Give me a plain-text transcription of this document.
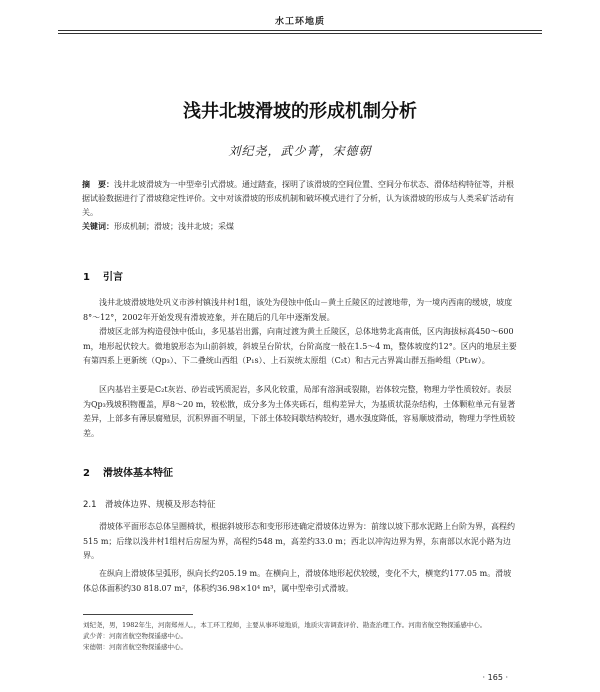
水工环地质
浅井北坡滑坡的形成机制分析
刘纪尧，武少菁，宋德朝
摘　要：浅井北坡滑坡为一中型牵引式滑坡。通过踏查，探明了该滑坡的空间位置、空间分布状态、滑体结构特征等，并根据试验数据进行了滑坡稳定性评价。文中对该滑坡的形成机制和破坏模式进行了分析，认为该滑坡的形成与人类采矿活动有关。
关键词：形成机制；滑坡；浅井北坡；采煤
1 引言
浅井北坡滑坡地处巩义市涉村镇浅井村1组，该处为侵蚀中低山－黄土丘陵区的过渡地带，为一境内西南的缓坡，坡度8°～12°，2002年开始发现有滑坡迹象，并在随后的几年中逐渐发展。
滑坡区北部为构造侵蚀中低山，多见基岩出露，向南过渡为黄土丘陵区，总体地势北高南低，区内海拔标高450～600 m，地形起伏较大。微地貌形态为山前斜坡，斜坡呈台阶状，台阶高度一般在1.5～4 m，整体坡度约12°。区内的地层主要有第四系上更新统（Qp₃）、下二叠统山西组（P₁s）、上石炭统太原组（C₂t）和古元古界嵩山群五指岭组（Pt₁w）。
区内基岩主要是C₂t灰岩、砂岩或钙质泥岩，多风化较重，局部有溶洞或裂隙，岩体较完整，物理力学性质较好。表层为Qp₃残坡积物覆盖，厚8～20 m，较松散，成分多为土体夹砾石，组构差异大，为基质状混杂结构，土体颗粒单元有显著差异，上部多有薄层腐殖层，沉积界面不明显，下部土体较间歇结构较好，遇水强度降低，容易顺坡滑动，物理力学性质较差。
2 滑坡体基本特征
2.1 滑坡体边界、规模及形态特征
滑坡体平面形态总体呈圈椅状，根据斜坡形态和变形形迹确定滑坡体边界为：前缘以坡下那水泥路上台阶为界，高程约515 m；后缘以浅井村1组村后房屋为界，高程约548 m，高差约33.0 m；西北以冲沟边界为界，东南部以水泥小路为边界。
在纵向上滑坡体呈弧形，纵向长约205.19 m。在横向上，滑坡体地形起伏较缓，变化不大，横宽约177.05 m。滑坡体总体面积约30 818.07 m²，体积约36.98×10⁴ m³，属中型牵引式滑坡。
刘纪尧，男，1982年生，河南郑州人。，本工环工程师，主要从事环境地质，地质灾害调查评价、勘查治理工作。河南省航空物探遥感中心。
武少菁：河南省航空物探遥感中心。
宋德朝：河南省航空物探遥感中心。
· 165 ·
